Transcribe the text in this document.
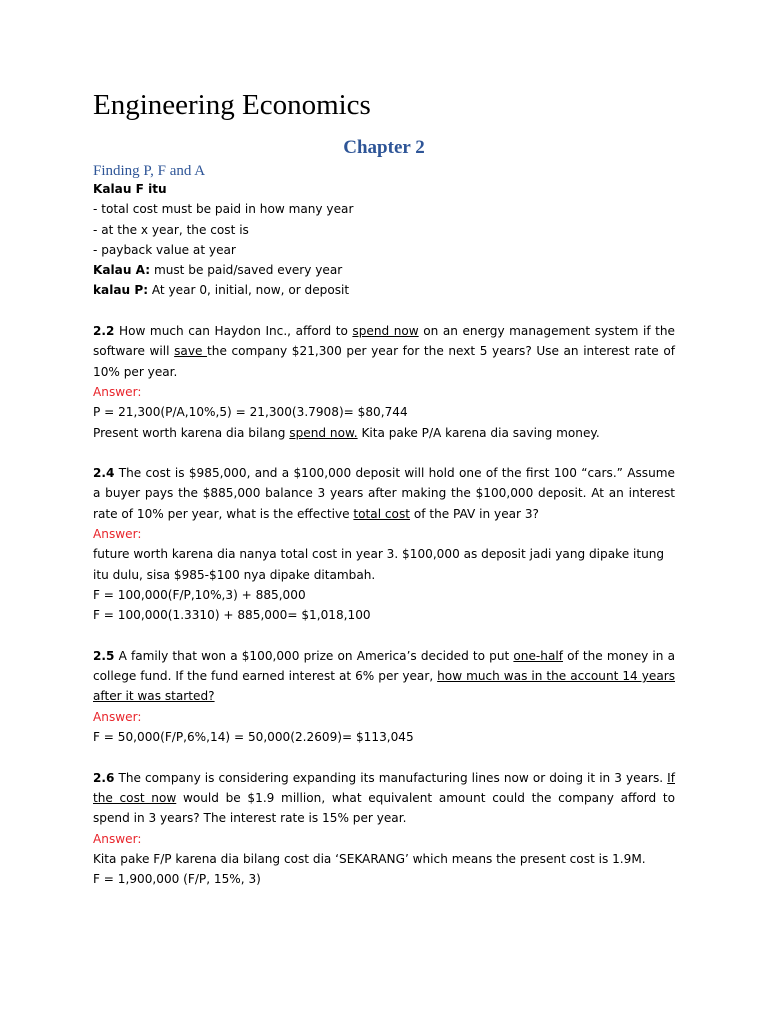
Engineering Economics
Chapter 2
Finding P, F and A

Kalau F itu

- total cost must be paid in how many year

- at the x year, the cost is

- payback value at year

Kalau A: must be paid/saved every year

kalau P: At year 0, initial, now, or deposit

2.2 How much can Haydon Inc., afford to spend now on an energy management system if the software will save the company $21,300 per year for the next 5 years? Use an interest rate of 10% per year.

Answer:

P = 21,300(P/A,10%,5) = 21,300(3.7908)= $80,744

Present worth karena dia bilang spend now. Kita pake P/A karena dia saving money.

2.4 The cost is $985,000, and a $100,000 deposit will hold one of the first 100 “cars.” Assume a buyer pays the $885,000 balance 3 years after making the $100,000 deposit. At an interest rate of 10% per year, what is the effective total cost of the PAV in year 3?

Answer:

future worth karena dia nanya total cost in year 3. $100,000 as deposit jadi yang dipake itung itu dulu, sisa $985-$100 nya dipake ditambah.

F = 100,000(F/P,10%,3) + 885,000

F = 100,000(1.3310) + 885,000= $1,018,100

2.5 A family that won a $100,000 prize on America’s decided to put one-half of the money in a college fund. If the fund earned interest at 6% per year, how much was in the account 14 years after it was started?

Answer:

F = 50,000(F/P,6%,14) = 50,000(2.2609)= $113,045

2.6 The company is considering expanding its manufacturing lines now or doing it in 3 years. If the cost now would be $1.9 million, what equivalent amount could the company afford to spend in 3 years? The interest rate is 15% per year.

Answer:

Kita pake F/P karena dia bilang cost dia ‘SEKARANG’ which means the present cost is 1.9M.

F = 1,900,000 (F/P, 15%, 3)
